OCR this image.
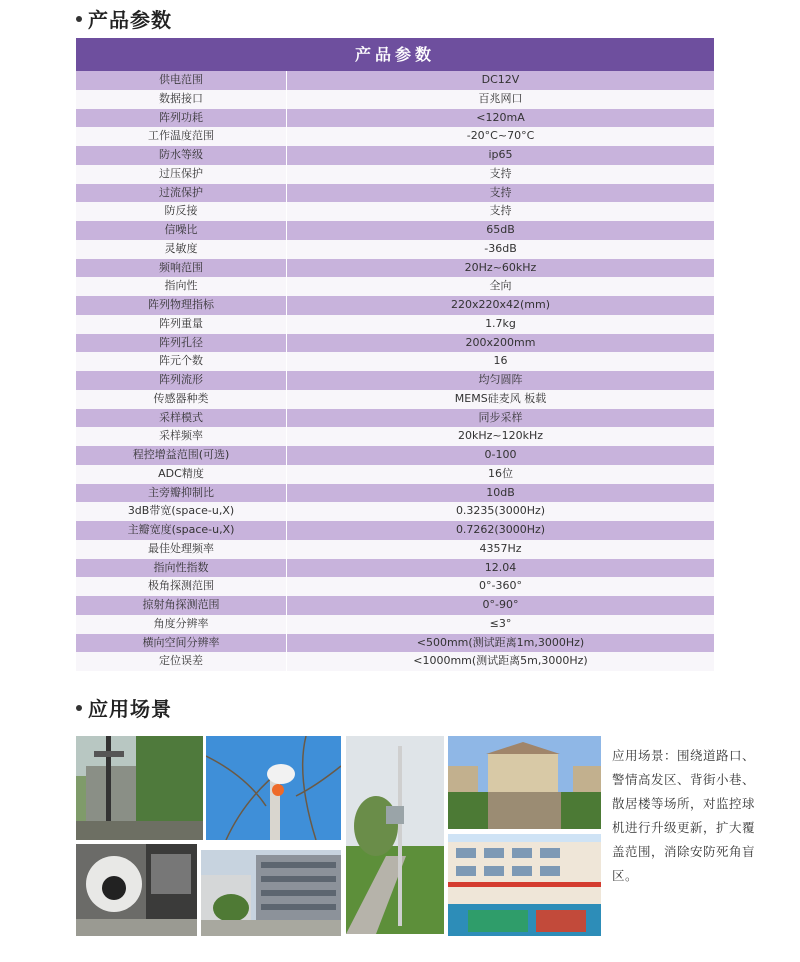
产品参数
产品参数
供电范围	DC12V
数据接口	百兆网口
阵列功耗	<120mA
工作温度范围	-20°C~70°C
防水等级	ip65
过压保护	支持
过流保护	支持
防反接	支持
信噪比	65dB
灵敏度	-36dB
频响范围	20Hz~60kHz
指向性	全向
阵列物理指标	220x220x42(mm)
阵列重量	1.7kg
阵列孔径	200x200mm
阵元个数	16
阵列流形	均匀圆阵
传感器种类	MEMS硅麦风 板载
采样模式	同步采样
采样频率	20kHz~120kHz
程控增益范围(可选)	0-100
ADC精度	16位
主旁瓣抑制比	10dB
3dB带宽(space-u,X)	0.3235(3000Hz)
主瓣宽度(space-u,X)	0.7262(3000Hz)
最佳处理频率	4357Hz
指向性指数	12.04
极角探测范围	0°-360°
掠射角探测范围	0°-90°
角度分辨率	≤3°
横向空间分辨率	<500mm(测试距离1m,3000Hz)
定位误差	<1000mm(测试距离5m,3000Hz)
应用场景
应用场景：围绕道路口、警情高发区、背街小巷、散居楼等场所，对监控球机进行升级更新，扩大覆盖范围，消除安防死角盲区。
